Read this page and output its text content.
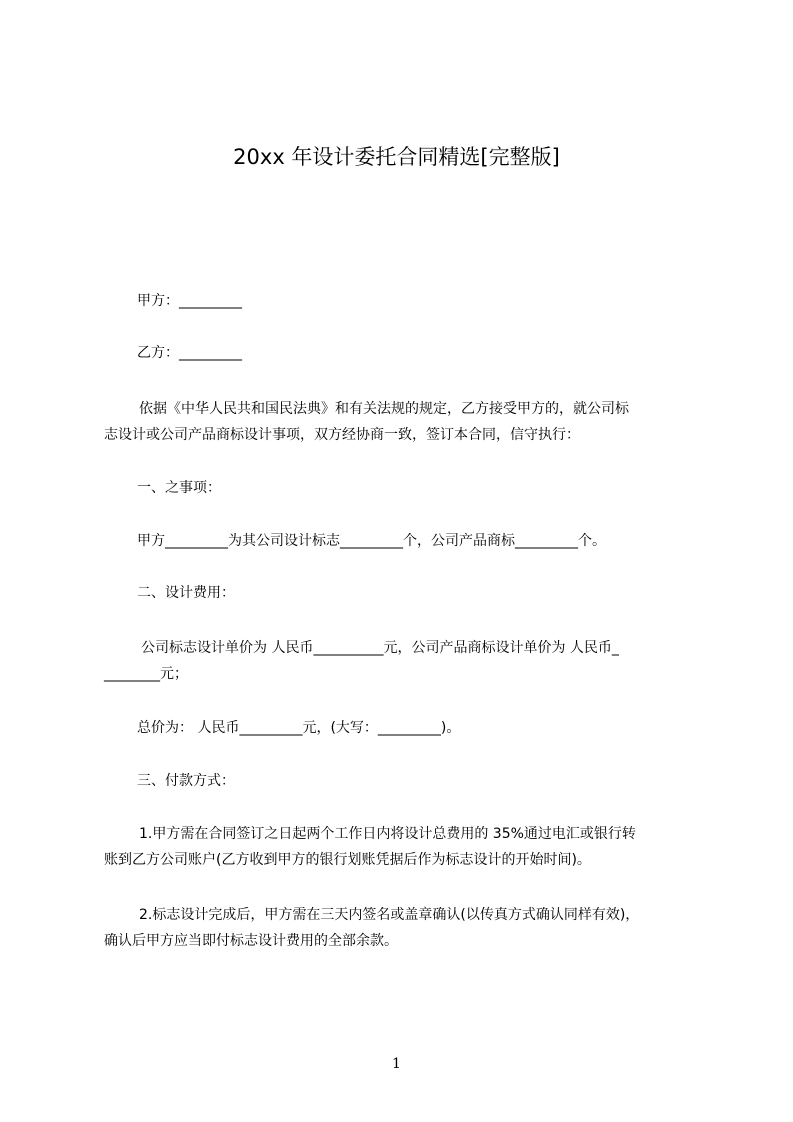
20xx 年设计委托合同精选[完整版]

甲方：_________

乙方：_________

依据《中华人民共和国民法典》和有关法规的规定，乙方接受甲方的，就公司标
志设计或公司产品商标设计事项，双方经协商一致，签订本合同，信守执行：

一、之事项：

甲方_________为其公司设计标志_________个，公司产品商标_________个。

二、设计费用：

公司标志设计单价为 人民币__________元，公司产品商标设计单价为 人民币_
________元；

总价为： 人民币_________元，(大写：_________)。

三、付款方式：

1.甲方需在合同签订之日起两个工作日内将设计总费用的 35%通过电汇或银行转
账到乙方公司账户(乙方收到甲方的银行划账凭据后作为标志设计的开始时间)。

2.标志设计完成后，甲方需在三天内签名或盖章确认(以传真方式确认同样有效)，
确认后甲方应当即付标志设计费用的全部余款。

1
